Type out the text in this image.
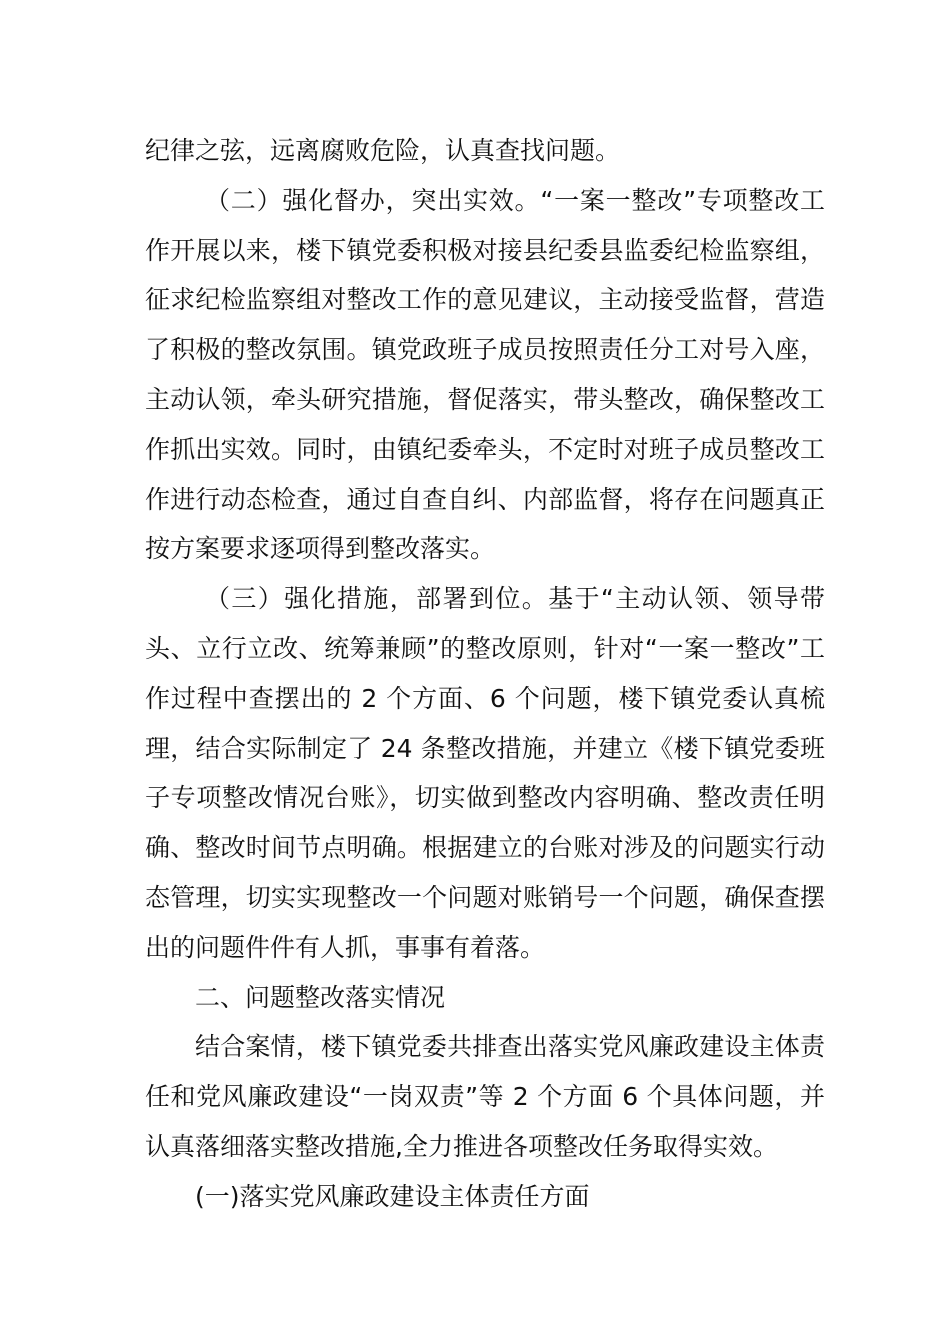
纪律之弦，远离腐败危险，认真查找问题。

（二）强化督办，突出实效。“一案一整改”专项整改工作开展以来，楼下镇党委积极对接县纪委县监委纪检监察组，征求纪检监察组对整改工作的意见建议，主动接受监督，营造了积极的整改氛围。镇党政班子成员按照责任分工对号入座，主动认领，牵头研究措施，督促落实，带头整改，确保整改工作抓出实效。同时，由镇纪委牵头，不定时对班子成员整改工作进行动态检查，通过自查自纠、内部监督，将存在问题真正按方案要求逐项得到整改落实。

（三）强化措施，部署到位。基于“主动认领、领导带头、立行立改、统筹兼顾”的整改原则，针对“一案一整改”工作过程中查摆出的 2 个方面、6 个问题，楼下镇党委认真梳理，结合实际制定了 24 条整改措施，并建立《楼下镇党委班子专项整改情况台账》，切实做到整改内容明确、整改责任明确、整改时间节点明确。根据建立的台账对涉及的问题实行动态管理，切实实现整改一个问题对账销号一个问题，确保查摆出的问题件件有人抓，事事有着落。

二、问题整改落实情况

结合案情，楼下镇党委共排查出落实党风廉政建设主体责任和党风廉政建设“一岗双责”等 2 个方面 6 个具体问题，并认真落细落实整改措施,全力推进各项整改任务取得实效。

(一)落实党风廉政建设主体责任方面
